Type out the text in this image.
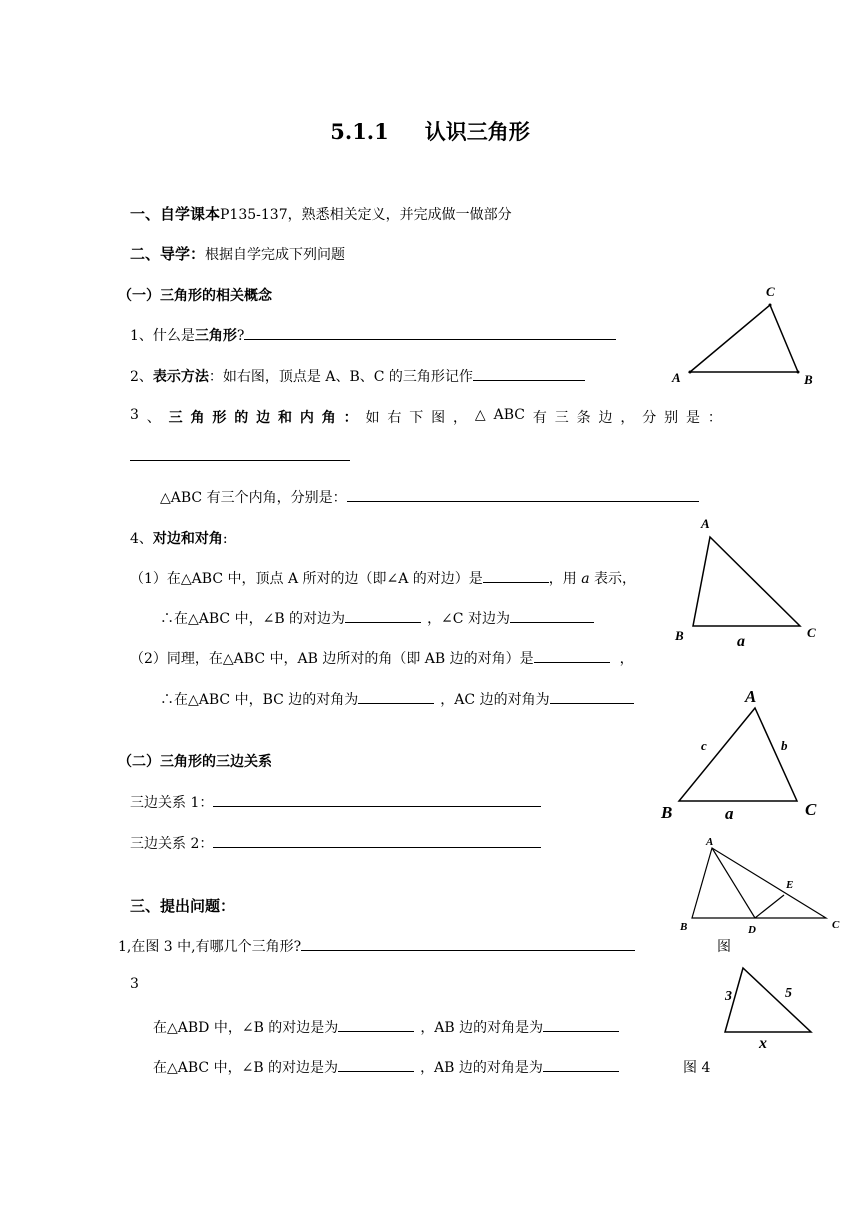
5.1.1 认识三角形
一、自学课本P135-137，熟悉相关定义，并完成做一做部分
二、导学：根据自学完成下列问题
（一）三角形的相关概念
1、什么是三角形?
2、表示方法：如右图，顶点是 A、B、C 的三角形记作
3 、 三 角 形 的 边 和 内 角 ： 如 右 下 图 ， △ ABC 有 三 条 边 ， 分 别 是 ：
△ABC 有三个内角，分别是：
4、对边和对角:
（1）在△ABC 中，顶点 A 所对的边（即∠A 的对边）是	，用 a 表示，
∴在△ABC 中，∠B 的对边为	，∠C 对边为
（2）同理，在△ABC 中，AB 边所对的角（即 AB 边的对角）是	，
∴在△ABC 中，BC 边的对角为	，AC 边的对角为
（二）三角形的三边关系
三边关系 1：
三边关系 2：
三、提出问题：
1,在图 3 中,有哪几个三角形?	图
3
在△ABD 中，∠B 的对边是为	，AB 边的对角是为
在△ABC 中，∠B 的对边是为	，AB 边的对角是为	图 4
A
C
B
A
B	C
a
A
B	C
a
b
c
A
B	C
D
E
3	5
x
